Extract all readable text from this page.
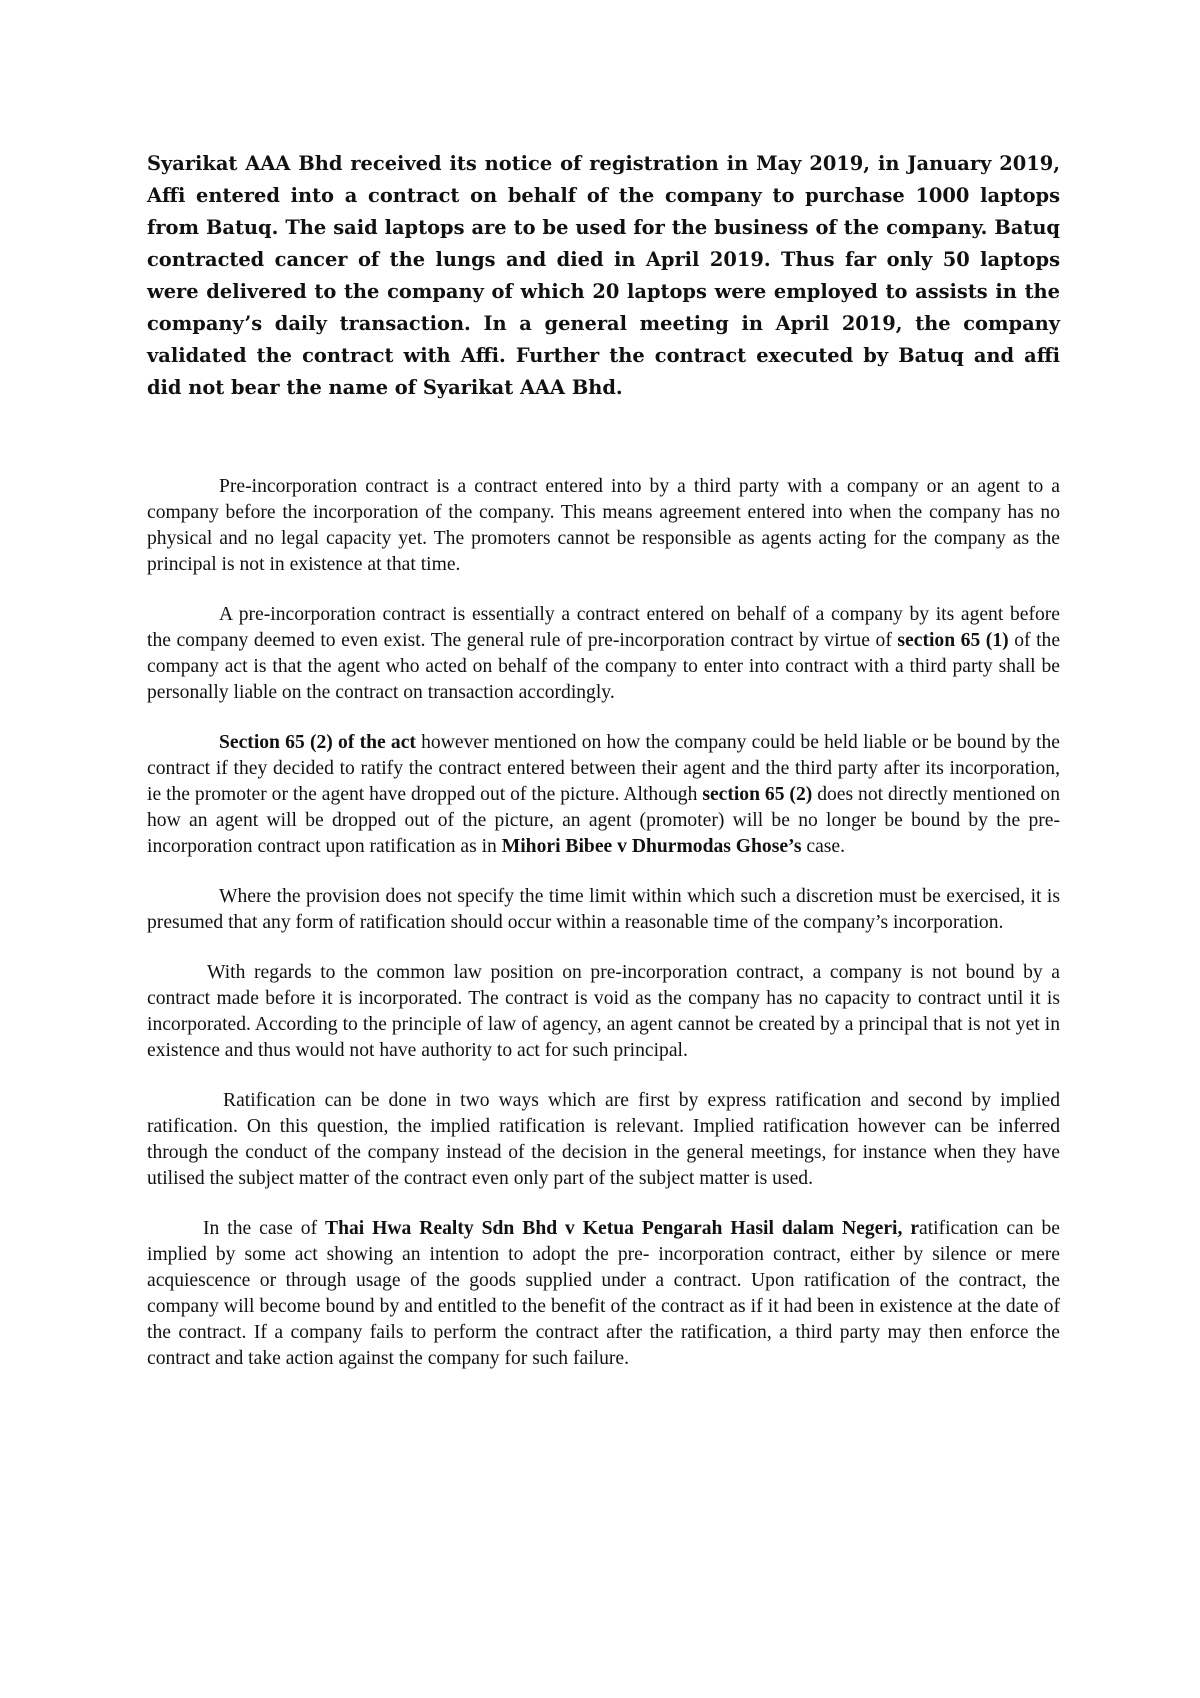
Syarikat AAA Bhd received its notice of registration in May 2019, in January 2019, Affi entered into a contract on behalf of the company to purchase 1000 laptops from Batuq. The said laptops are to be used for the business of the company. Batuq contracted cancer of the lungs and died in April 2019. Thus far only 50 laptops were delivered to the company of which 20 laptops were employed to assists in the company’s daily transaction. In a general meeting in April 2019, the company validated the contract with Affi. Further the contract executed by Batuq and affi did not bear the name of Syarikat AAA Bhd.

Pre-incorporation contract is a contract entered into by a third party with a company or an agent to a company before the incorporation of the company. This means agreement entered into when the company has no physical and no legal capacity yet. The promoters cannot be responsible as agents acting for the company as the principal is not in existence at that time.

A pre-incorporation contract is essentially a contract entered on behalf of a company by its agent before the company deemed to even exist. The general rule of pre-incorporation contract by virtue of section 65 (1) of the company act is that the agent who acted on behalf of the company to enter into contract with a third party shall be personally liable on the contract on transaction accordingly.

Section 65 (2) of the act however mentioned on how the company could be held liable or be bound by the contract if they decided to ratify the contract entered between their agent and the third party after its incorporation, ie the promoter or the agent have dropped out of the picture. Although section 65 (2) does not directly mentioned on how an agent will be dropped out of the picture, an agent (promoter) will be no longer be bound by the pre-incorporation contract upon ratification as in Mihori Bibee v Dhurmodas Ghose’s case.

Where the provision does not specify the time limit within which such a discretion must be exercised, it is presumed that any form of ratification should occur within a reasonable time of the company’s incorporation.

With regards to the common law position on pre-incorporation contract, a company is not bound by a contract made before it is incorporated. The contract is void as the company has no capacity to contract until it is incorporated. According to the principle of law of agency, an agent cannot be created by a principal that is not yet in existence and thus would not have authority to act for such principal.

Ratification can be done in two ways which are first by express ratification and second by implied ratification. On this question, the implied ratification is relevant. Implied ratification however can be inferred through the conduct of the company instead of the decision in the general meetings, for instance when they have utilised the subject matter of the contract even only part of the subject matter is used.

In the case of Thai Hwa Realty Sdn Bhd v Ketua Pengarah Hasil dalam Negeri, ratification can be implied by some act showing an intention to adopt the pre- incorporation contract, either by silence or mere acquiescence or through usage of the goods supplied under a contract. Upon ratification of the contract, the company will become bound by and entitled to the benefit of the contract as if it had been in existence at the date of the contract. If a company fails to perform the contract after the ratification, a third party may then enforce the contract and take action against the company for such failure.
